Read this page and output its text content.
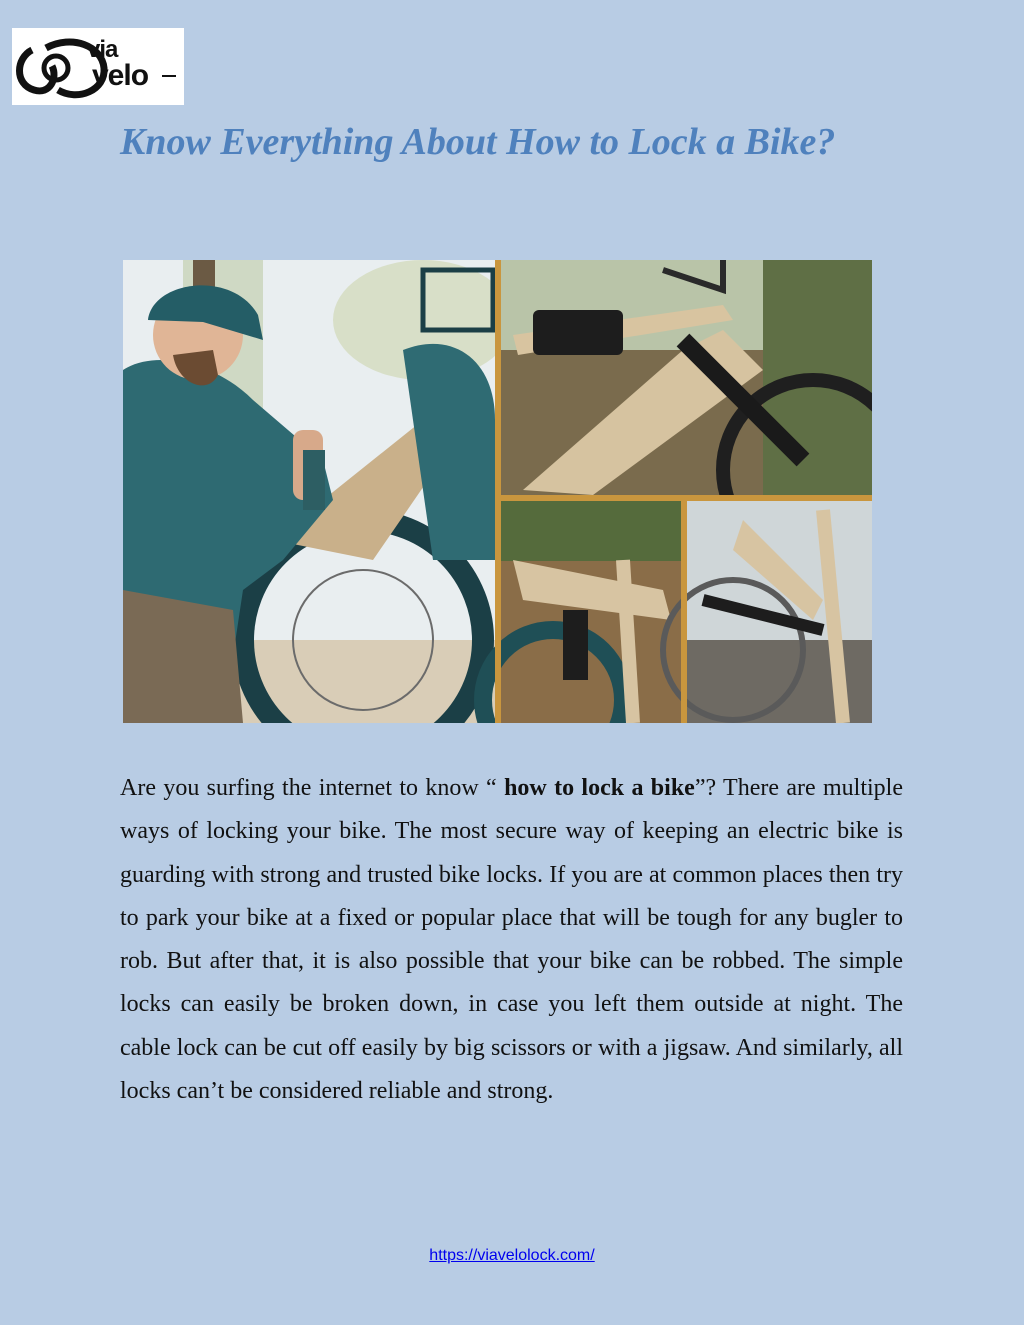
via
velo
Know Everything About How to Lock a Bike?

Are you surfing the internet to know “ how to lock a bike”? There are multiple ways of locking your bike. The most secure way of keeping an electric bike is guarding with strong and trusted bike locks. If you are at common places then try to park your bike at a fixed or popular place that will be tough for any bugler to rob. But after that, it is also possible that your bike can be robbed. The simple locks can easily be broken down, in case you left them outside at night. The cable lock can be cut off easily by big scissors or with a jigsaw. And similarly, all locks can’t be considered reliable and strong.

https://viavelolock.com/
